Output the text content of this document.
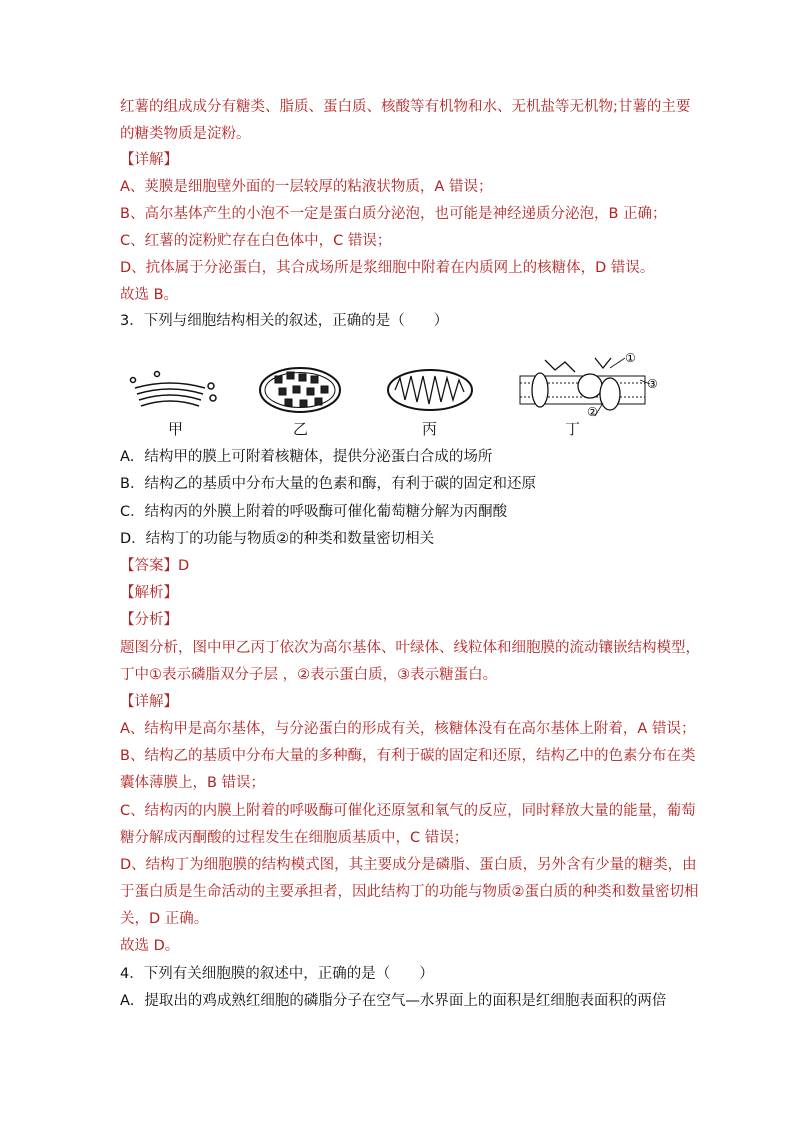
红薯的组成成分有糖类、脂质、蛋白质、核酸等有机物和水、无机盐等无机物;甘薯的主要
的糖类物质是淀粉。
【详解】
A、荚膜是细胞壁外面的一层较厚的粘液状物质，A 错误；
B、高尔基体产生的小泡不一定是蛋白质分泌泡，也可能是神经递质分泌泡，B 正确；
C、红薯的淀粉贮存在白色体中，C 错误；
D、抗体属于分泌蛋白，其合成场所是浆细胞中附着在内质网上的核糖体，D 错误。
故选 B。
3．下列与细胞结构相关的叙述，正确的是（　　）
①
②
③
甲	乙	丙	丁
A．结构甲的膜上可附着核糖体，提供分泌蛋白合成的场所
B．结构乙的基质中分布大量的色素和酶，有利于碳的固定和还原
C．结构丙的外膜上附着的呼吸酶可催化葡萄糖分解为丙酮酸
D．结构丁的功能与物质②的种类和数量密切相关
【答案】D
【解析】
【分析】
题图分析，图中甲乙丙丁依次为高尔基体、叶绿体、线粒体和细胞膜的流动镶嵌结构模型，
丁中①表示磷脂双分子层 ，②表示蛋白质，③表示糖蛋白。
【详解】
A、结构甲是高尔基体，与分泌蛋白的形成有关，核糖体没有在高尔基体上附着，A 错误；
B、结构乙的基质中分布大量的多种酶，有利于碳的固定和还原，结构乙中的色素分布在类
囊体薄膜上，B 错误；
C、结构丙的内膜上附着的呼吸酶可催化还原氢和氧气的反应，同时释放大量的能量，葡萄
糖分解成丙酮酸的过程发生在细胞质基质中，C 错误；
D、结构丁为细胞膜的结构模式图，其主要成分是磷脂、蛋白质，另外含有少量的糖类，由
于蛋白质是生命活动的主要承担者，因此结构丁的功能与物质②蛋白质的种类和数量密切相
关，D 正确。
故选 D。
4．下列有关细胞膜的叙述中，正确的是（　　）
A．提取出的鸡成熟红细胞的磷脂分子在空气—水界面上的面积是红细胞表面积的两倍
